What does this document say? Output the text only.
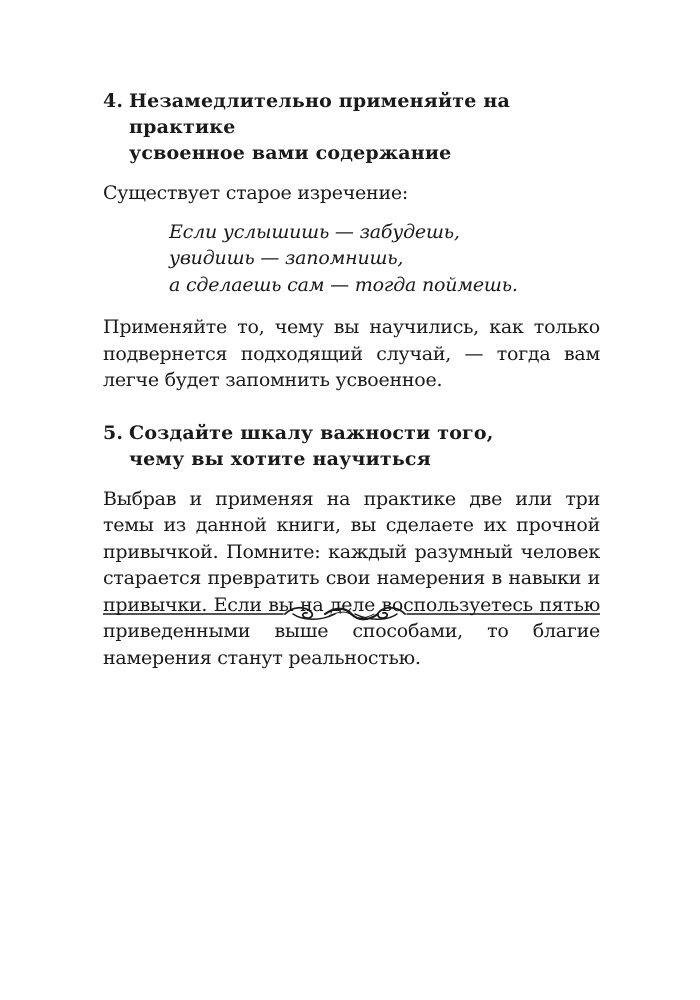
4. Незамедлительно применяйте на практике
усвоенное вами содержание

Существует старое изречение:

Если услышишь — забудешь,
увидишь — запомнишь,
а сделаешь сам — тогда поймешь.

Применяйте то, чему вы научились, как только подвернется подходящий случай, — тогда вам легче будет запомнить усвоенное.

5. Создайте шкалу важности того,
чему вы хотите научиться

Выбрав и применяя на практике две или три темы из данной книги, вы сделаете их прочной привычкой. Помните: каждый разумный человек старается превратить свои намерения в навыки и привычки. Если вы на деле воспользуетесь пятью приведенными выше способами, то благие намерения станут реальностью.
